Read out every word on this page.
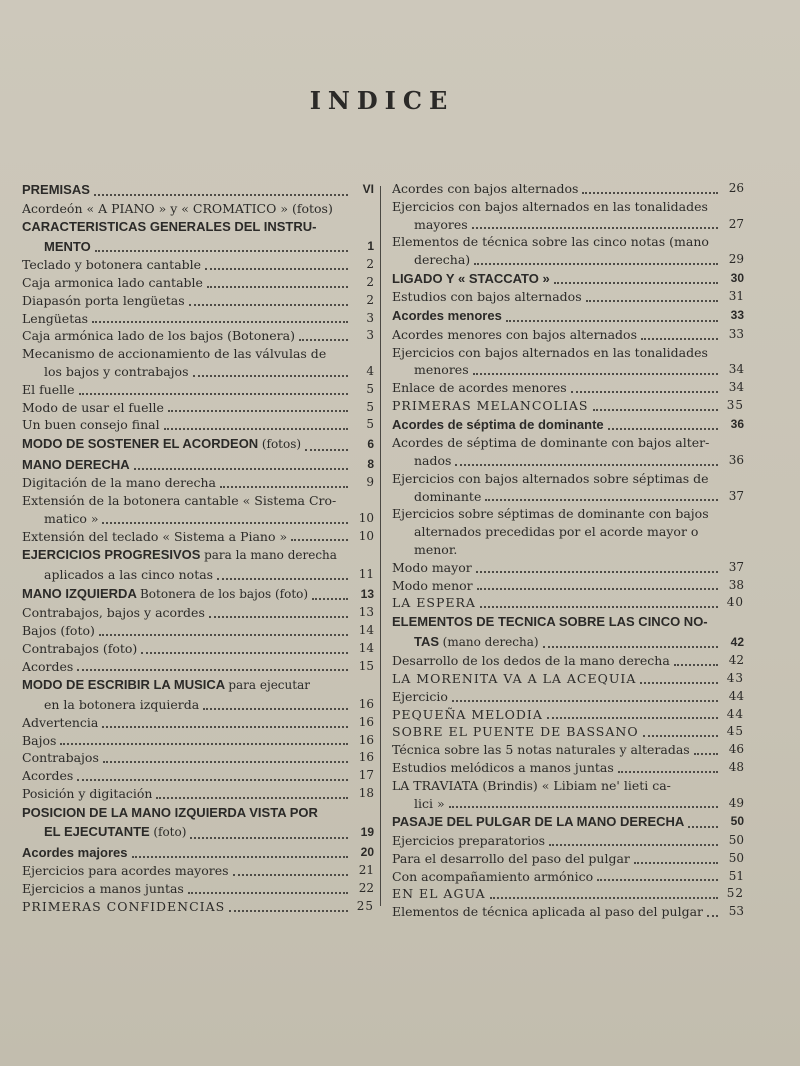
INDICE
PREMISAS	VI
Acordeón « A PIANO » y « CROMATICO » (fotos)
CARACTERISTICAS GENERALES DEL INSTRU-
MENTO	1
Teclado y botonera cantable	2
Caja armonica lado cantable	2
Diapasón porta lengüetas	2
Lengüetas	3
Caja armónica lado de los bajos (Botonera)	3
Mecanismo de accionamiento de las válvulas de
los bajos y contrabajos	4
El fuelle	5
Modo de usar el fuelle	5
Un buen consejo final	5
MODO DE SOSTENER EL ACORDEON (fotos)	6
MANO DERECHA	8
Digitación de la mano derecha	9
Extensión de la botonera cantable « Sistema Cro-
matico »	10
Extensión del teclado « Sistema a Piano »	10
EJERCICIOS PROGRESIVOS para la mano derecha
aplicados a las cinco notas	11
MANO IZQUIERDA Botonera de los bajos (foto)	13
Contrabajos, bajos y acordes	13
Bajos (foto)	14
Contrabajos (foto)	14
Acordes	15
MODO DE ESCRIBIR LA MUSICA para ejecutar
en la botonera izquierda	16
Advertencia	16
Bajos	16
Contrabajos	16
Acordes	17
Posición y digitación	18
POSICION DE LA MANO IZQUIERDA VISTA POR
EL EJECUTANTE (foto)	19
Acordes majores	20
Ejercicios para acordes mayores	21
Ejercicios a manos juntas	22
PRIMERAS CONFIDENCIAS	25
Acordes con bajos alternados	26
Ejercicios con bajos alternados en las tonalidades
mayores	27
Elementos de técnica sobre las cinco notas (mano
derecha)	29
LIGADO Y « STACCATO »	30
Estudios con bajos alternados	31
Acordes menores	33
Acordes menores con bajos alternados	33
Ejercicios con bajos alternados en las tonalidades
menores	34
Enlace de acordes menores	34
PRIMERAS MELANCOLIAS	35
Acordes de séptima de dominante	36
Acordes de séptima de dominante con bajos alter-
nados	36
Ejercicios con bajos alternados sobre séptimas de
dominante	37
Ejercicios sobre séptimas de dominante con bajos
alternados precedidas por el acorde mayor o
menor.
Modo mayor	37
Modo menor	38
LA ESPERA	40
ELEMENTOS DE TECNICA SOBRE LAS CINCO NO-
TAS (mano derecha)	42
Desarrollo de los dedos de la mano derecha	42
LA MORENITA VA A LA ACEQUIA	43
Ejercicio	44
PEQUEÑA MELODIA	44
SOBRE EL PUENTE DE BASSANO	45
Técnica sobre las 5 notas naturales y alteradas	46
Estudios melódicos a manos juntas	48
LA TRAVIATA (Brindis) « Libiam ne' lieti ca-
lici »	49
PASAJE DEL PULGAR DE LA MANO DERECHA	50
Ejercicios preparatorios	50
Para el desarrollo del paso del pulgar	50
Con acompañamiento armónico	51
EN EL AGUA	52
Elementos de técnica aplicada al paso del pulgar	53
